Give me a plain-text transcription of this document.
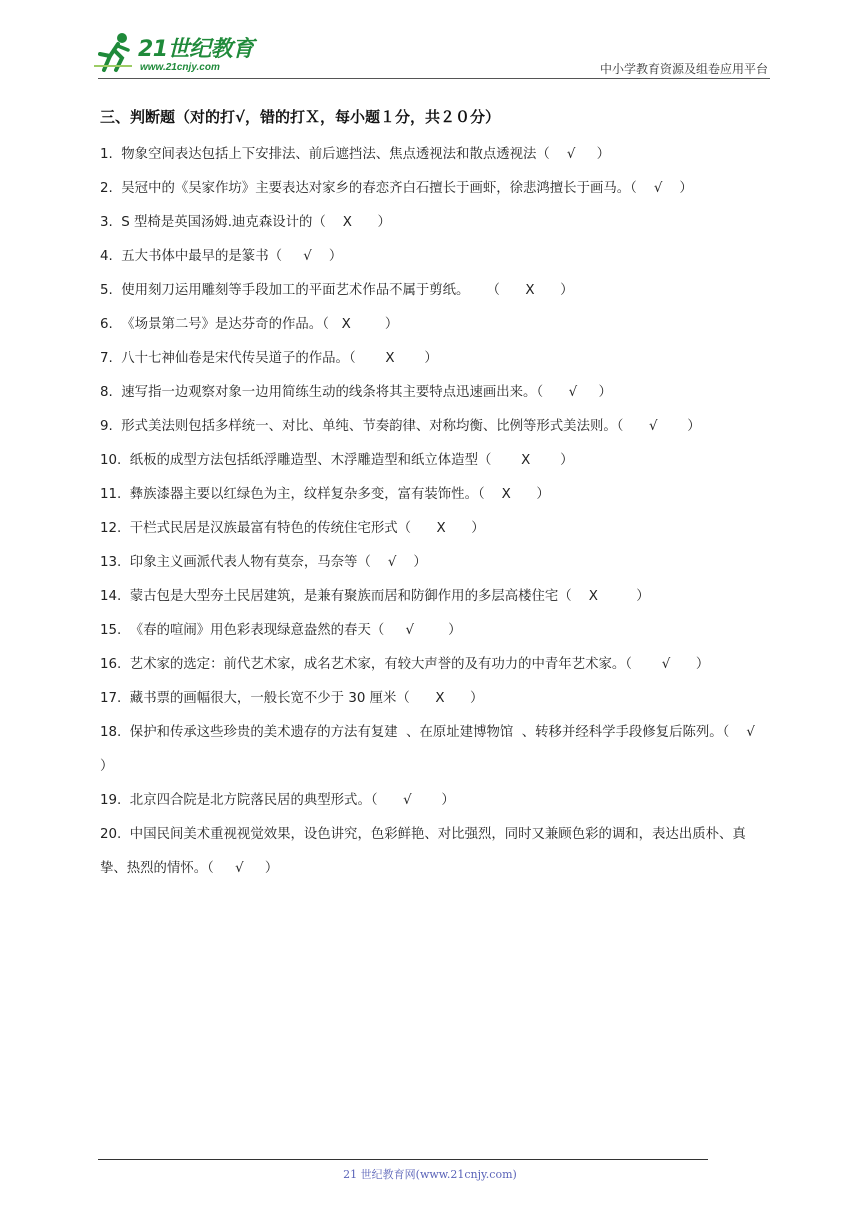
21世纪教育
www.21cnjy.com	中小学教育资源及组卷应用平台
三、判断题（对的打√，错的打Ｘ，每小题１分，共２０分）
1.  物象空间表达包括上下安排法、前后遮挡法、焦点透视法和散点透视法（    √     ）
2.  吴冠中的《吴家作坊》主要表达对家乡的春恋齐白石擅长于画虾，徐悲鸿擅长于画马。（    √    ）
3.  S 型椅是英国汤姆.迪克森设计的（    X      ）
4.  五大书体中最早的是篆书（     √    ）
5.  使用刻刀运用雕刻等手段加工的平面艺术作品不属于剪纸。    （      X      ）
6.  《场景第二号》是达芬奇的作品。（   X        ）
7.  八十七神仙卷是宋代传吴道子的作品。（       X       ）
8.  速写指一边观察对象一边用简练生动的线条将其主要特点迅速画出来。（      √     ）
9.  形式美法则包括多样统一、对比、单纯、节奏韵律、对称均衡、比例等形式美法则。（      √       ）
10.  纸板的成型方法包括纸浮雕造型、木浮雕造型和纸立体造型（       X       ）
11.  彝族漆器主要以红绿色为主，纹样复杂多变，富有装饰性。（    X      ）
12.  干栏式民居是汉族最富有特色的传统住宅形式（      X      ）
13.  印象主义画派代表人物有莫奈，马奈等（    √    ）
14.  蒙古包是大型夯土民居建筑，是兼有聚族而居和防御作用的多层高楼住宅（    X         ）
15.  《春的喧闹》用色彩表现绿意盎然的春天（     √        ）
16.  艺术家的选定：前代艺术家，成名艺术家，有较大声誉的及有功力的中青年艺术家。（       √      ）
17.  藏书票的画幅很大，一般长宽不少于 30 厘米（      X      ）
18.  保护和传承这些珍贵的美术遗存的方法有复建  、在原址建博物馆  、转移并经科学手段修复后陈列。（    √     ）
19.  北京四合院是北方院落民居的典型形式。（      √       ）
20.  中国民间美术重视视觉效果，设色讲究，色彩鲜艳、对比强烈，同时又兼顾色彩的调和，表达出质朴、真挚、热烈的情怀。（     √     ）
21 世纪教育网(www.21cnjy.com)
